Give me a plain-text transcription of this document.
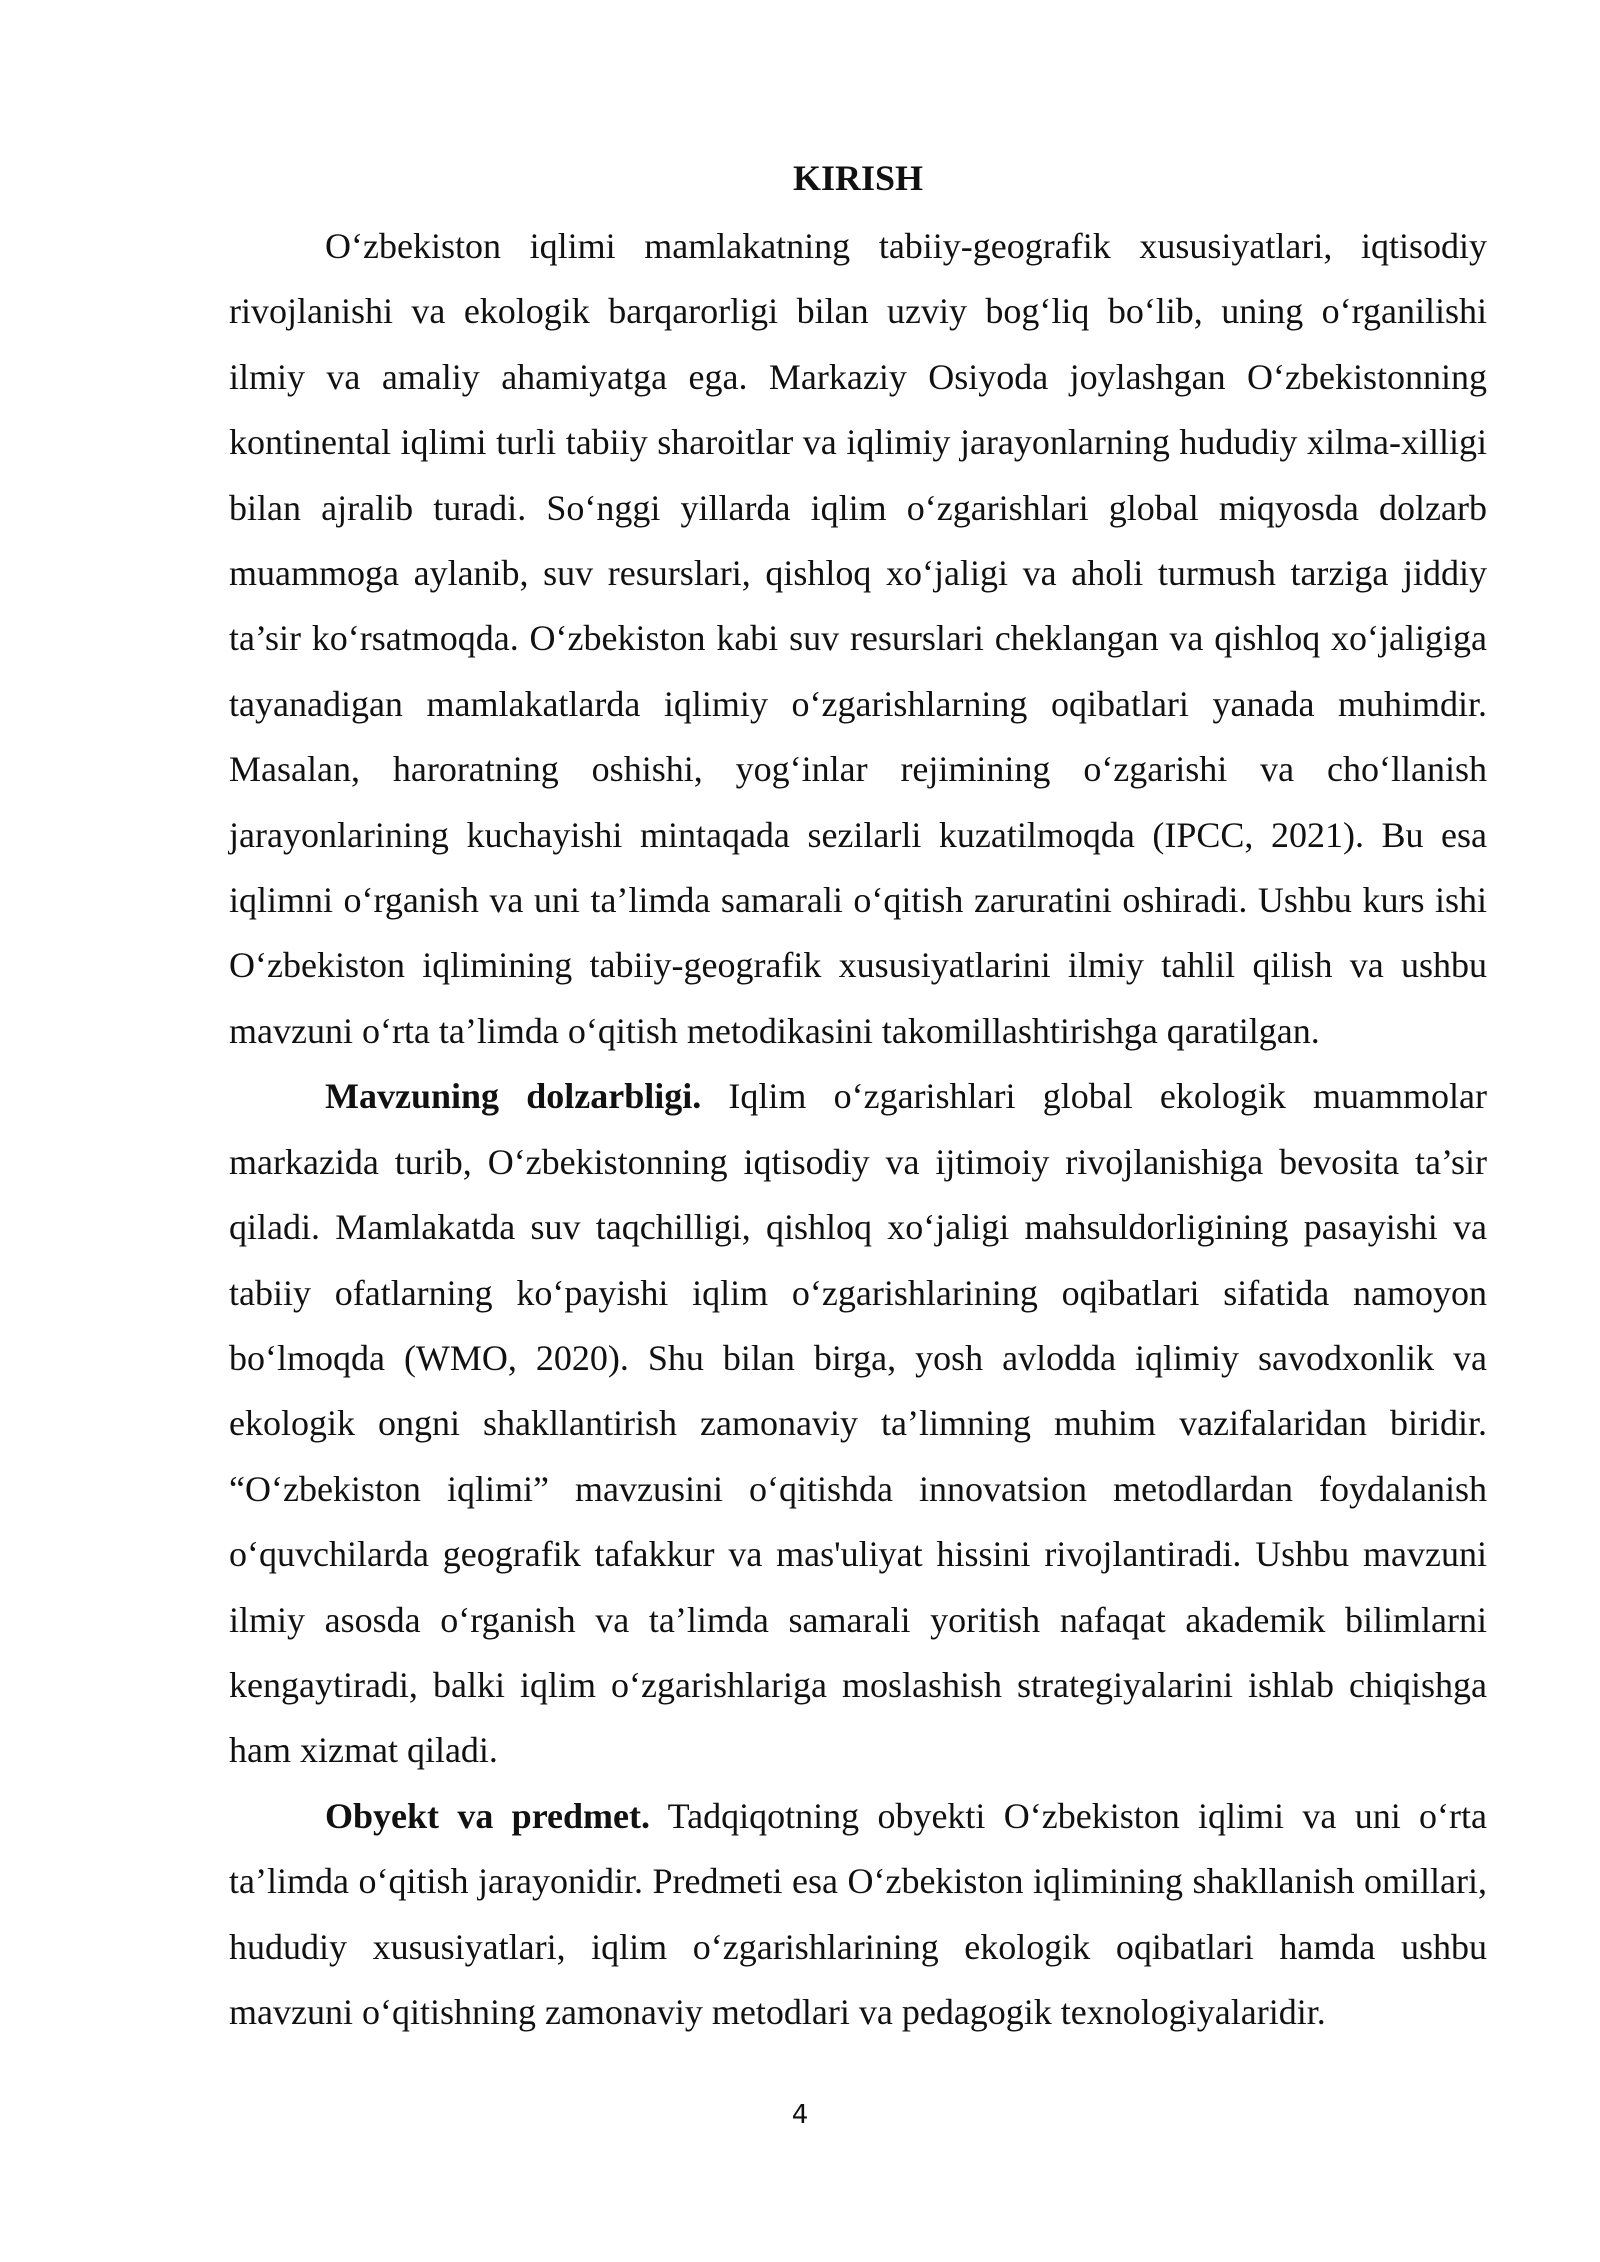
KIRISH

O‘zbekiston iqlimi mamlakatning tabiiy-geografik xususiyatlari, iqtisodiy rivojlanishi va ekologik barqarorligi bilan uzviy bog‘liq bo‘lib, uning o‘rganilishi ilmiy va amaliy ahamiyatga ega. Markaziy Osiyoda joylashgan O‘zbekistonning kontinental iqlimi turli tabiiy sharoitlar va iqlimiy jarayonlarning hududiy xilma-xilligi bilan ajralib turadi. So‘nggi yillarda iqlim o‘zgarishlari global miqyosda dolzarb muammoga aylanib, suv resurslari, qishloq xo‘jaligi va aholi turmush tarziga jiddiy ta’sir ko‘rsatmoqda. O‘zbekiston kabi suv resurslari cheklangan va qishloq xo‘jaligiga tayanadigan mamlakatlarda iqlimiy o‘zgarishlarning oqibatlari yanada muhimdir. Masalan, haroratning oshishi, yog‘inlar rejimining o‘zgarishi va cho‘llanish jarayonlarining kuchayishi mintaqada sezilarli kuzatilmoqda (IPCC, 2021). Bu esa iqlimni o‘rganish va uni ta’limda samarali o‘qitish zaruratini oshiradi. Ushbu kurs ishi O‘zbekiston iqlimining tabiiy-geografik xususiyatlarini ilmiy tahlil qilish va ushbu mavzuni o‘rta ta’limda o‘qitish metodikasini takomillashtirishga qaratilgan.

Mavzuning dolzarbligi. Iqlim o‘zgarishlari global ekologik muammolar markazida turib, O‘zbekistonning iqtisodiy va ijtimoiy rivojlanishiga bevosita ta’sir qiladi. Mamlakatda suv taqchilligi, qishloq xo‘jaligi mahsuldorligining pasayishi va tabiiy ofatlarning ko‘payishi iqlim o‘zgarishlarining oqibatlari sifatida namoyon bo‘lmoqda (WMO, 2020). Shu bilan birga, yosh avlodda iqlimiy savodxonlik va ekologik ongni shakllantirish zamonaviy ta’limning muhim vazifalaridan biridir. “O‘zbekiston iqlimi” mavzusini o‘qitishda innovatsion metodlardan foydalanish o‘quvchilarda geografik tafakkur va mas'uliyat hissini rivojlantiradi. Ushbu mavzuni ilmiy asosda o‘rganish va ta’limda samarali yoritish nafaqat akademik bilimlarni kengaytiradi, balki iqlim o‘zgarishlariga moslashish strategiyalarini ishlab chiqishga ham xizmat qiladi.

Obyekt va predmet. Tadqiqotning obyekti O‘zbekiston iqlimi va uni o‘rta ta’limda o‘qitish jarayonidir. Predmeti esa O‘zbekiston iqlimining shakllanish omillari, hududiy xususiyatlari, iqlim o‘zgarishlarining ekologik oqibatlari hamda ushbu mavzuni o‘qitishning zamonaviy metodlari va pedagogik texnologiyalaridir.

4
